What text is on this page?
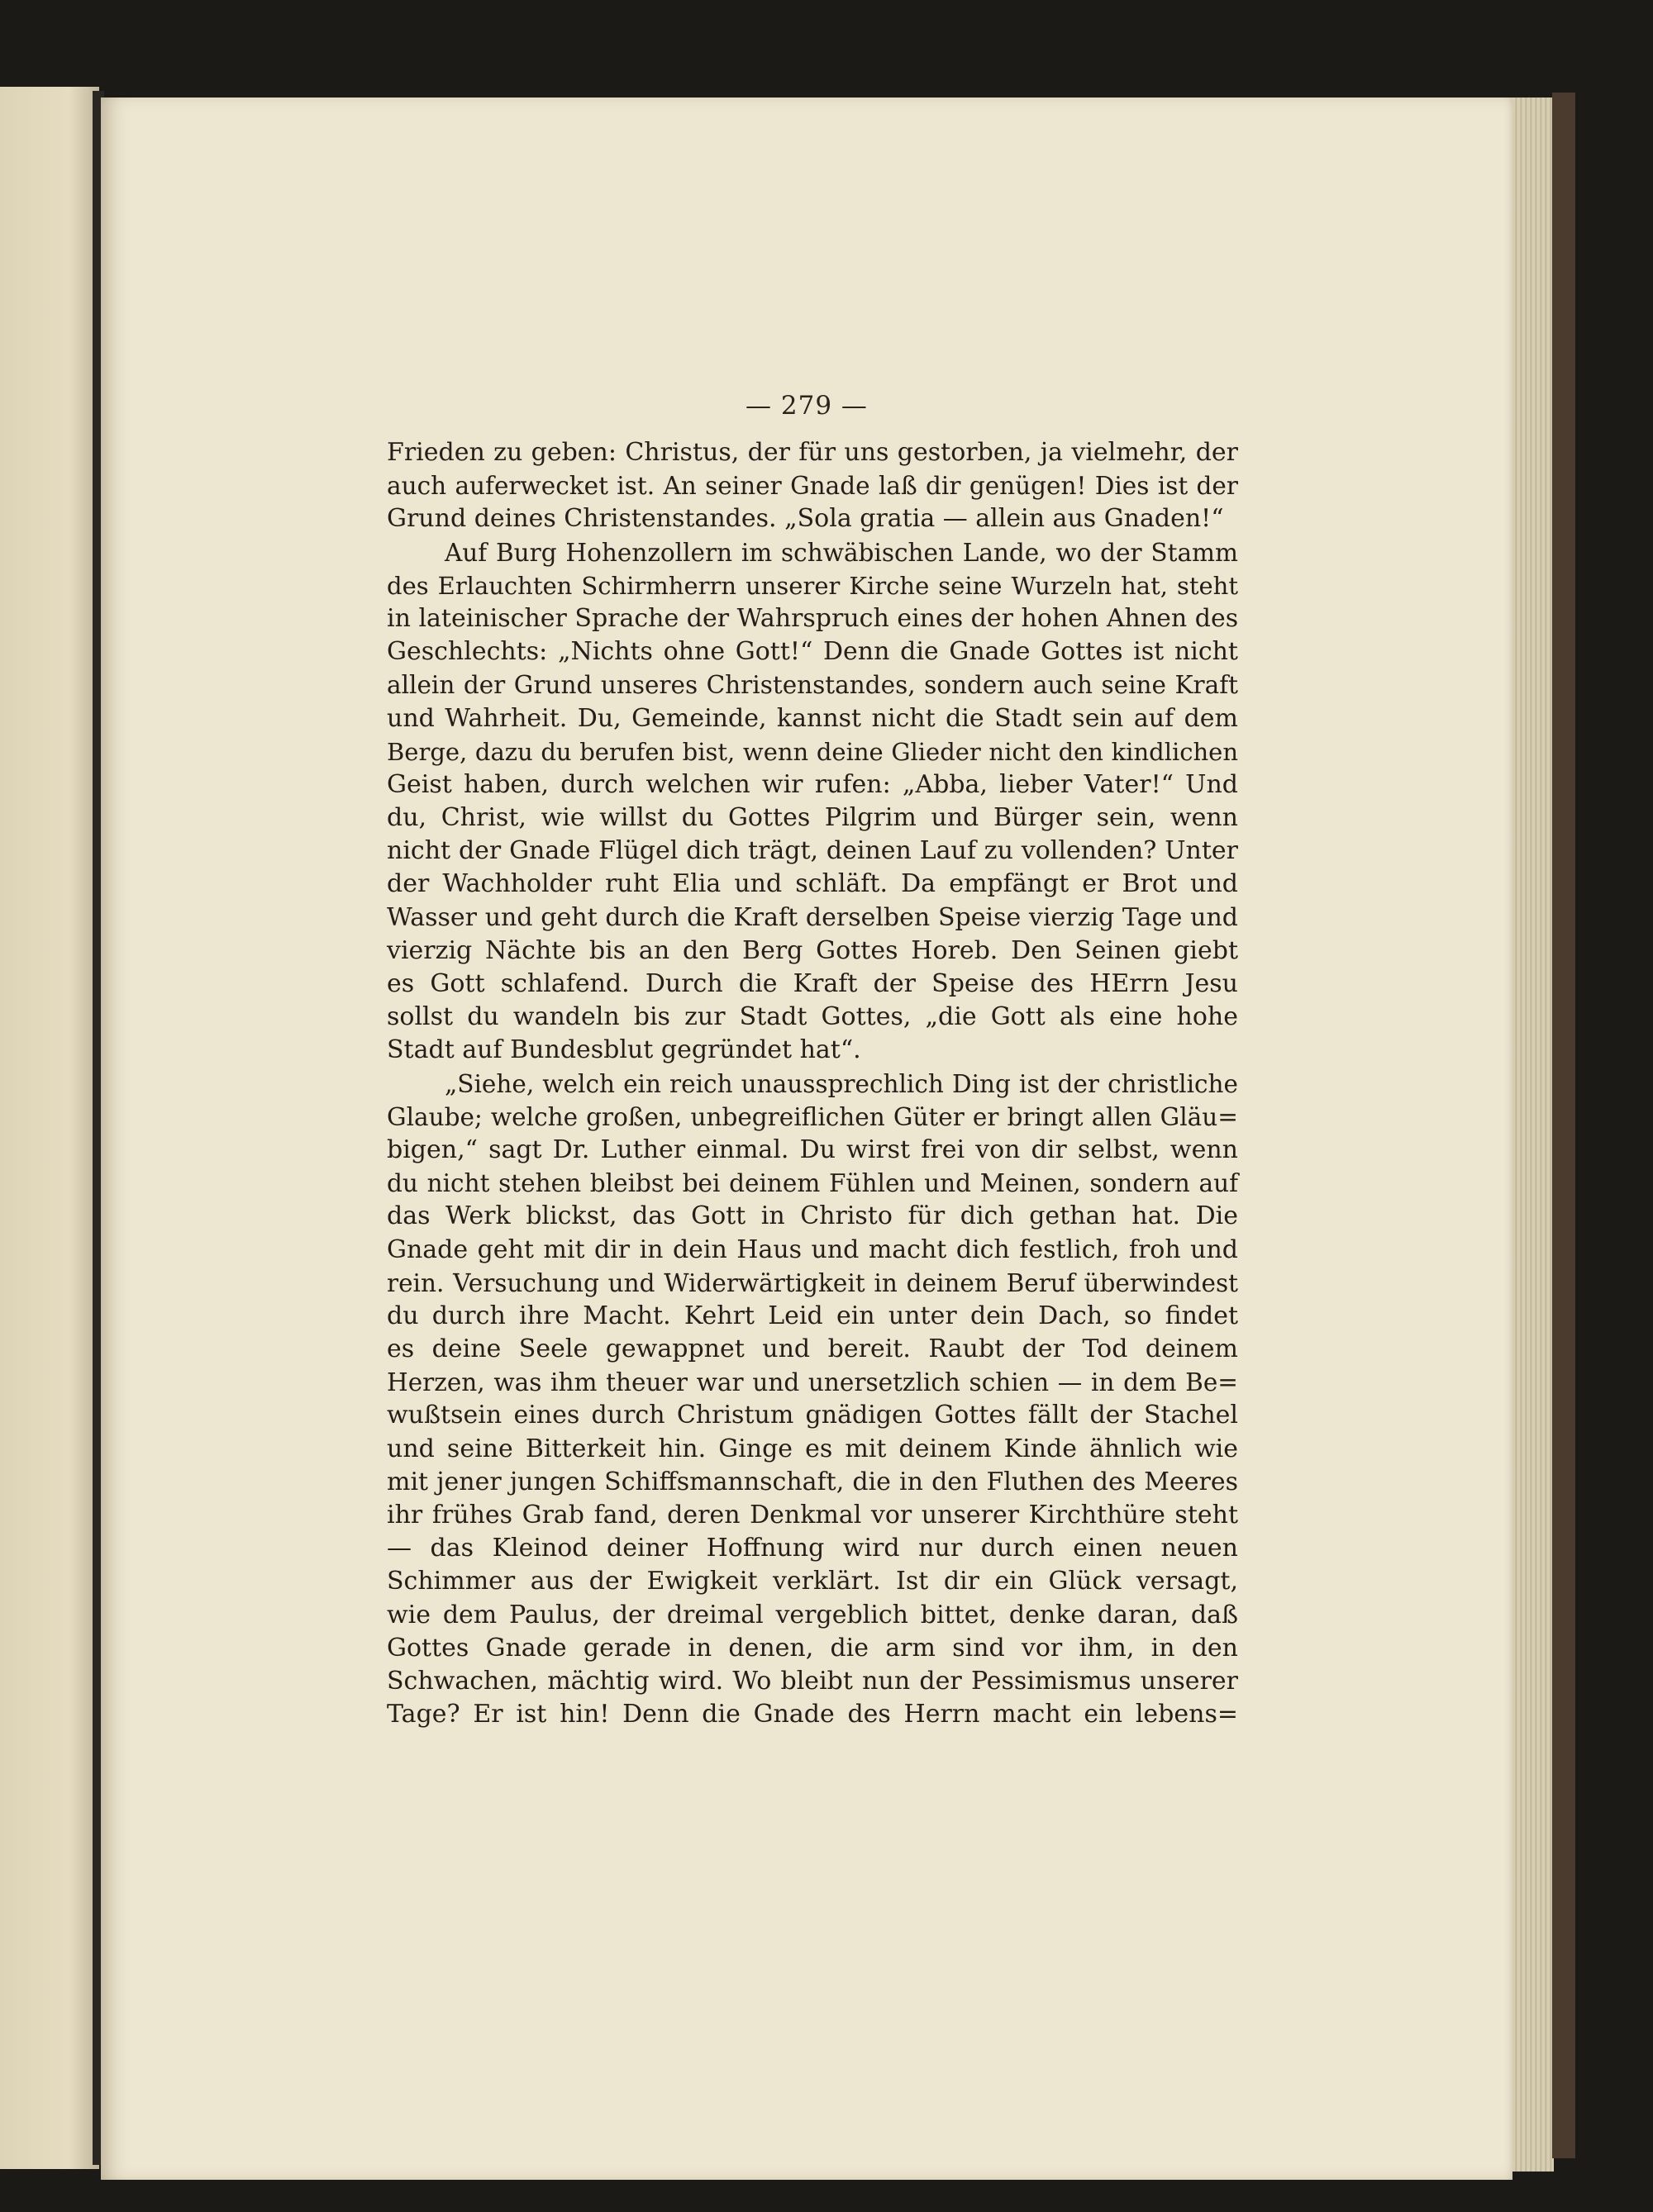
— 279 —
Frieden zu geben: Christus, der für uns gestorben, ja vielmehr, der
auch auferwecket ist. An seiner Gnade laß dir genügen! Dies ist der
Grund deines Christenstandes. „Sola gratia — allein aus Gnaden!“
Auf Burg Hohenzollern im schwäbischen Lande, wo der Stamm
des Erlauchten Schirmherrn unserer Kirche seine Wurzeln hat, steht
in lateinischer Sprache der Wahrspruch eines der hohen Ahnen des
Geschlechts: „Nichts ohne Gott!“ Denn die Gnade Gottes ist nicht
allein der Grund unseres Christenstandes, sondern auch seine Kraft
und Wahrheit. Du, Gemeinde, kannst nicht die Stadt sein auf dem
Berge, dazu du berufen bist, wenn deine Glieder nicht den kindlichen
Geist haben, durch welchen wir rufen: „Abba, lieber Vater!“ Und
du, Christ, wie willst du Gottes Pilgrim und Bürger sein, wenn
nicht der Gnade Flügel dich trägt, deinen Lauf zu vollenden? Unter
der Wachholder ruht Elia und schläft. Da empfängt er Brot und
Wasser und geht durch die Kraft derselben Speise vierzig Tage und
vierzig Nächte bis an den Berg Gottes Horeb. Den Seinen giebt
es Gott schlafend. Durch die Kraft der Speise des HErrn Jesu
sollst du wandeln bis zur Stadt Gottes, „die Gott als eine hohe
Stadt auf Bundesblut gegründet hat“.
„Siehe, welch ein reich unaussprechlich Ding ist der christliche
Glaube; welche großen, unbegreiflichen Güter er bringt allen Gläu=
bigen,“ sagt Dr. Luther einmal. Du wirst frei von dir selbst, wenn
du nicht stehen bleibst bei deinem Fühlen und Meinen, sondern auf
das Werk blickst, das Gott in Christo für dich gethan hat. Die
Gnade geht mit dir in dein Haus und macht dich festlich, froh und
rein. Versuchung und Widerwärtigkeit in deinem Beruf überwindest
du durch ihre Macht. Kehrt Leid ein unter dein Dach, so findet
es deine Seele gewappnet und bereit. Raubt der Tod deinem
Herzen, was ihm theuer war und unersetzlich schien — in dem Be=
wußtsein eines durch Christum gnädigen Gottes fällt der Stachel
und seine Bitterkeit hin. Ginge es mit deinem Kinde ähnlich wie
mit jener jungen Schiffsmannschaft, die in den Fluthen des Meeres
ihr frühes Grab fand, deren Denkmal vor unserer Kirchthüre steht
— das Kleinod deiner Hoffnung wird nur durch einen neuen
Schimmer aus der Ewigkeit verklärt. Ist dir ein Glück versagt,
wie dem Paulus, der dreimal vergeblich bittet, denke daran, daß
Gottes Gnade gerade in denen, die arm sind vor ihm, in den
Schwachen, mächtig wird. Wo bleibt nun der Pessimismus unserer
Tage? Er ist hin! Denn die Gnade des Herrn macht ein lebens=
